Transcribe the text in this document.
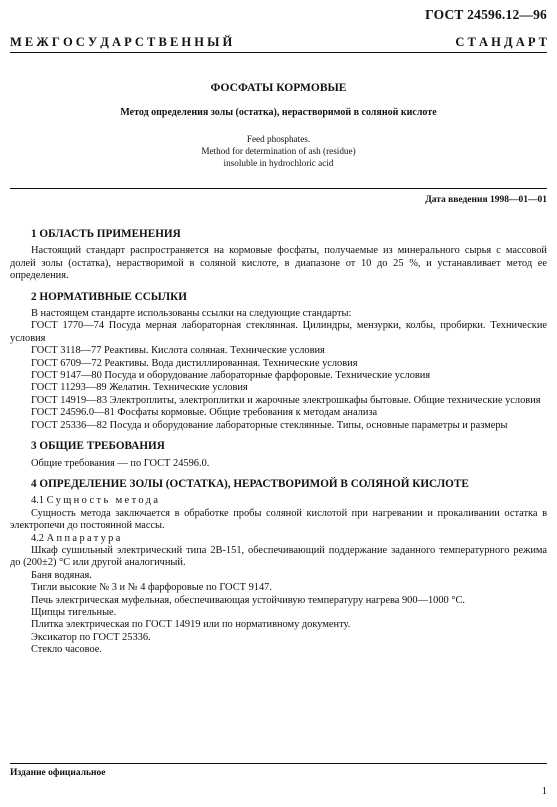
ГОСТ 24596.12—96
М Е Ж Г О С У Д А Р С Т В Е Н Н Ы Й	С Т А Н Д А Р Т
ФОСФАТЫ КОРМОВЫЕ
Метод определения золы (остатка), нерастворимой в соляной кислоте
Feed phosphates.
Method for determination of ash (residue)
insoluble in hydrochloric acid
Дата введения 1998—01—01
1 ОБЛАСТЬ ПРИМЕНЕНИЯ

Настоящий стандарт распространяется на кормовые фосфаты, получаемые из минерального сырья с массовой долей золы (остатка), нерастворимой в соляной кислоте, в диапазоне от 10 до 25 %, и устанавливает метод ее определения.

2 НОРМАТИВНЫЕ ССЫЛКИ

В настоящем стандарте использованы ссылки на следующие стандарты:

ГОСТ 1770—74 Посуда мерная лабораторная стеклянная. Цилиндры, мензурки, колбы, пробирки. Технические условия

ГОСТ 3118—77 Реактивы. Кислота соляная. Технические условия

ГОСТ 6709—72 Реактивы. Вода дистиллированная. Технические условия

ГОСТ 9147—80 Посуда и оборудование лабораторные фарфоровые. Технические условия

ГОСТ 11293—89 Желатин. Технические условия

ГОСТ 14919—83 Электроплиты, электроплитки и жарочные электрошкафы бытовые. Общие технические условия

ГОСТ 24596.0—81 Фосфаты кормовые. Общие требования к методам анализа

ГОСТ 25336—82 Посуда и оборудование лабораторные стеклянные. Типы, основные параметры и размеры

3 ОБЩИЕ ТРЕБОВАНИЯ

Общие требования — по ГОСТ 24596.0.

4 ОПРЕДЕЛЕНИЕ ЗОЛЫ (ОСТАТКА), НЕРАСТВОРИМОЙ В СОЛЯНОЙ КИСЛОТЕ

4.1 Сущность метода

Сущность метода заключается в обработке пробы соляной кислотой при нагревании и прокаливании остатка в электропечи до постоянной массы.

4.2 Аппаратура

Шкаф сушильный электрический типа 2В-151, обеспечивающий поддержание заданного температурного режима до (200±2) °С или другой аналогичный.

Баня водяная.

Тигли высокие № 3 и № 4 фарфоровые по ГОСТ 9147.

Печь электрическая муфельная, обеспечивающая устойчивую температуру нагрева 900—1000 °С.

Щипцы тигельные.

Плитка электрическая по ГОСТ 14919 или по нормативному документу.

Эксикатор по ГОСТ 25336.

Стекло часовое.

Издание официальное
1
